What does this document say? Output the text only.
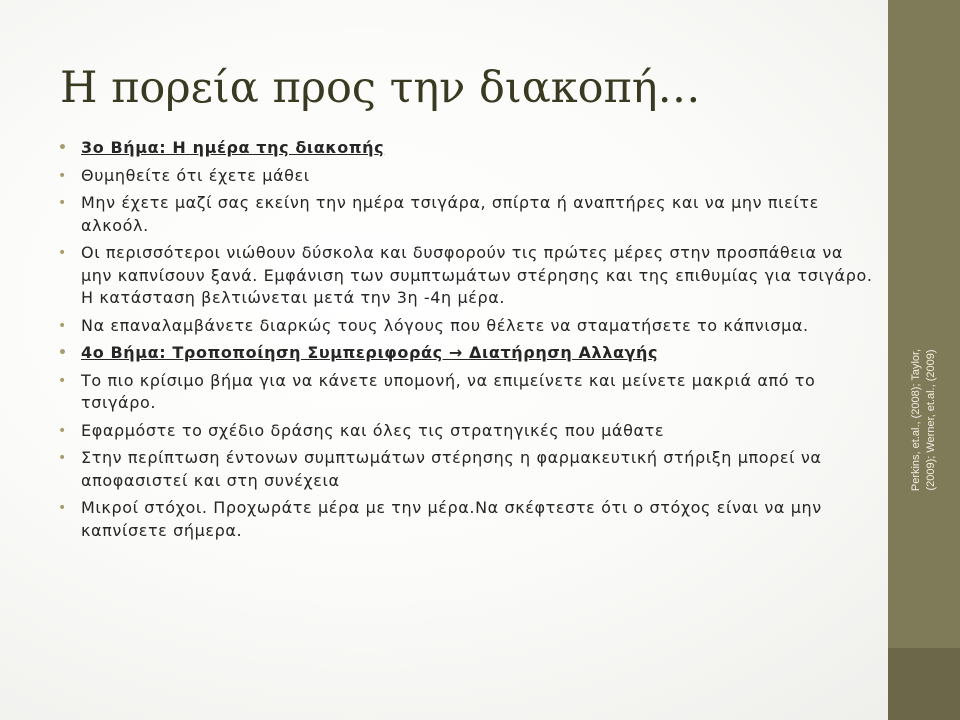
Η πορεία προς την διακοπή…
• 3ο Βήμα: Η ημέρα της διακοπής
• Θυμηθείτε ότι έχετε μάθει
• Μην έχετε μαζί σας εκείνη την ημέρα τσιγάρα, σπίρτα ή αναπτήρες και να μην πιείτε αλκοόλ.
• Οι περισσότεροι νιώθουν δύσκολα και δυσφορούν τις πρώτες μέρες στην προσπάθεια να μην καπνίσουν ξανά. Εμφάνιση των συμπτωμάτων στέρησης και της επιθυμίας για τσιγάρο. Η κατάσταση βελτιώνεται μετά την 3η -4η μέρα.
• Να επαναλαμβάνετε διαρκώς τους λόγους που θέλετε να σταματήσετε το κάπνισμα.
• 4ο Βήμα: Τροποποίηση Συμπεριφοράς → Διατήρηση Αλλαγής
• Το πιο κρίσιμο βήμα για να κάνετε υπομονή, να επιμείνετε και μείνετε μακριά από το τσιγάρο.
• Εφαρμόστε το σχέδιο δράσης και όλες τις στρατηγικές που μάθατε
• Στην περίπτωση έντονων συμπτωμάτων στέρησης η φαρμακευτική στήριξη μπορεί να αποφασιστεί και στη συνέχεια
• Μικροί στόχοι. Προχωράτε μέρα με την μέρα.Να σκέφτεστε ότι ο στόχος είναι να μην καπνίσετε σήμερα.
Perkins, et.al., (2008); Taylor, (2009); Werner, et.al., (2009)
